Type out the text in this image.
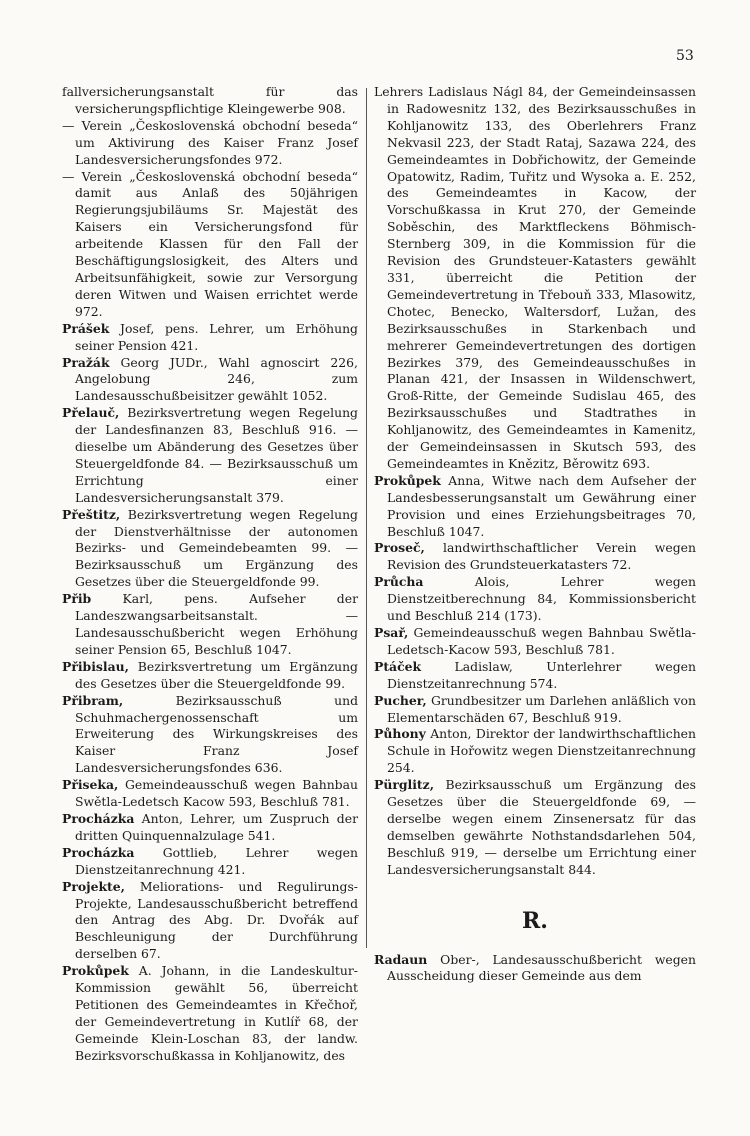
53

fallversicherungsanstalt für das versicherungspflichtige Kleingewerbe 908.

— Verein „Československá obchodní beseda“ um Aktivirung des Kaiser Franz Josef Landesversicherungsfondes 972.

— Verein „Československá obchodní beseda“ damit aus Anlaß des 50jährigen Regierungsjubiläums Sr. Majestät des Kaisers ein Versicherungsfond für arbeitende Klassen für den Fall der Beschäftigungslosigkeit, des Alters und Arbeitsunfähigkeit, sowie zur Versorgung deren Witwen und Waisen errichtet werde 972.

Prášek Josef, pens. Lehrer, um Erhöhung seiner Pension 421.

Pražák Georg JUDr., Wahl agnoscirt 226, Angelobung 246, zum Landesausschußbeisitzer gewählt 1052.

Přelauč, Bezirksvertretung wegen Regelung der Landesfinanzen 83, Beschluß 916. — dieselbe um Abänderung des Gesetzes über Steuergeldfonde 84. — Bezirksausschuß um Errichtung einer Landesversicherungsanstalt 379.

Přeštitz, Bezirksvertretung wegen Regelung der Dienstverhältnisse der autonomen Bezirks- und Gemeindebeamten 99. — Bezirksausschuß um Ergänzung des Gesetzes über die Steuergeldfonde 99.

Přib Karl, pens. Aufseher der Landeszwangsarbeitsanstalt. — Landesausschußbericht wegen Erhöhung seiner Pension 65, Beschluß 1047.

Přibislau, Bezirksvertretung um Ergänzung des Gesetzes über die Steuergeldfonde 99.

Přibram, Bezirksausschuß und Schuhmachergenossenschaft um Erweiterung des Wirkungskreises des Kaiser Franz Josef Landesversicherungsfondes 636.

Přiseka, Gemeindeausschuß wegen Bahnbau Swětla-Ledetsch Kacow 593, Beschluß 781.

Procházka Anton, Lehrer, um Zuspruch der dritten Quinquennalzulage 541.

Procházka Gottlieb, Lehrer wegen Dienstzeitanrechnung 421.

Projekte, Meliorations- und Regulirungs-Projekte, Landesausschußbericht betreffend den Antrag des Abg. Dr. Dvořák auf Beschleunigung der Durchführung derselben 67.

Prokůpek A. Johann, in die Landeskultur-Kommission gewählt 56, überreicht Petitionen des Gemeindeamtes in Křečhoř, der Gemeindevertretung in Kutlíř 68, der Gemeinde Klein-Loschan 83, der landw. Bezirksvorschußkassa in Kohljanowitz, des

Lehrers Ladislaus Nágl 84, der Gemeindeinsassen in Radowesnitz 132, des Bezirksausschußes in Kohljanowitz 133, des Oberlehrers Franz Nekvasil 223, der Stadt Rataj, Sazawa 224, des Gemeindeamtes in Dobřichowitz, der Gemeinde Opatowitz, Radim, Tuřitz und Wysoka a. E. 252, des Gemeindeamtes in Kacow, der Vorschußkassa in Krut 270, der Gemeinde Soběschin, des Marktfleckens Böhmisch-Sternberg 309, in die Kommission für die Revision des Grundsteuer-Katasters gewählt 331, überreicht die Petition der Gemeindevertretung in Třebouň 333, Mlasowitz, Chotec, Benecko, Waltersdorf, Lužan, des Bezirksausschußes in Starkenbach und mehrerer Gemeindevertretungen des dortigen Bezirkes 379, des Gemeindeausschußes in Planan 421, der Insassen in Wildenschwert, Groß-Ritte, der Gemeinde Sudislau 465, des Bezirksausschußes und Stadtrathes in Kohljanowitz, des Gemeindeamtes in Kamenitz, der Gemeindeinsassen in Skutsch 593, des Gemeindeamtes in Knězitz, Běrowitz 693.

Prokůpek Anna, Witwe nach dem Aufseher der Landesbesserungsanstalt um Gewährung einer Provision und eines Erziehungsbeitrages 70, Beschluß 1047.

Proseč, landwirthschaftlicher Verein wegen Revision des Grundsteuerkatasters 72.

Průcha Alois, Lehrer wegen Dienstzeitberechnung 84, Kommissionsbericht und Beschluß 214 (173).

Psař, Gemeindeausschuß wegen Bahnbau Swětla-Ledetsch-Kacow 593, Beschluß 781.

Ptáček Ladislaw, Unterlehrer wegen Dienstzeitanrechnung 574.

Pucher, Grundbesitzer um Darlehen anläßlich von Elementarschäden 67, Beschluß 919.

Půhony Anton, Direktor der landwirthschaftlichen Schule in Hořowitz wegen Dienstzeitanrechnung 254.

Pürglitz, Bezirksausschuß um Ergänzung des Gesetzes über die Steuergeldfonde 69, — derselbe wegen einem Zinsenersatz für das demselben gewährte Nothstandsdarlehen 504, Beschluß 919, — derselbe um Errichtung einer Landesversicherungsanstalt 844.

R.

Radaun Ober-, Landesausschußbericht wegen Ausscheidung dieser Gemeinde aus dem
